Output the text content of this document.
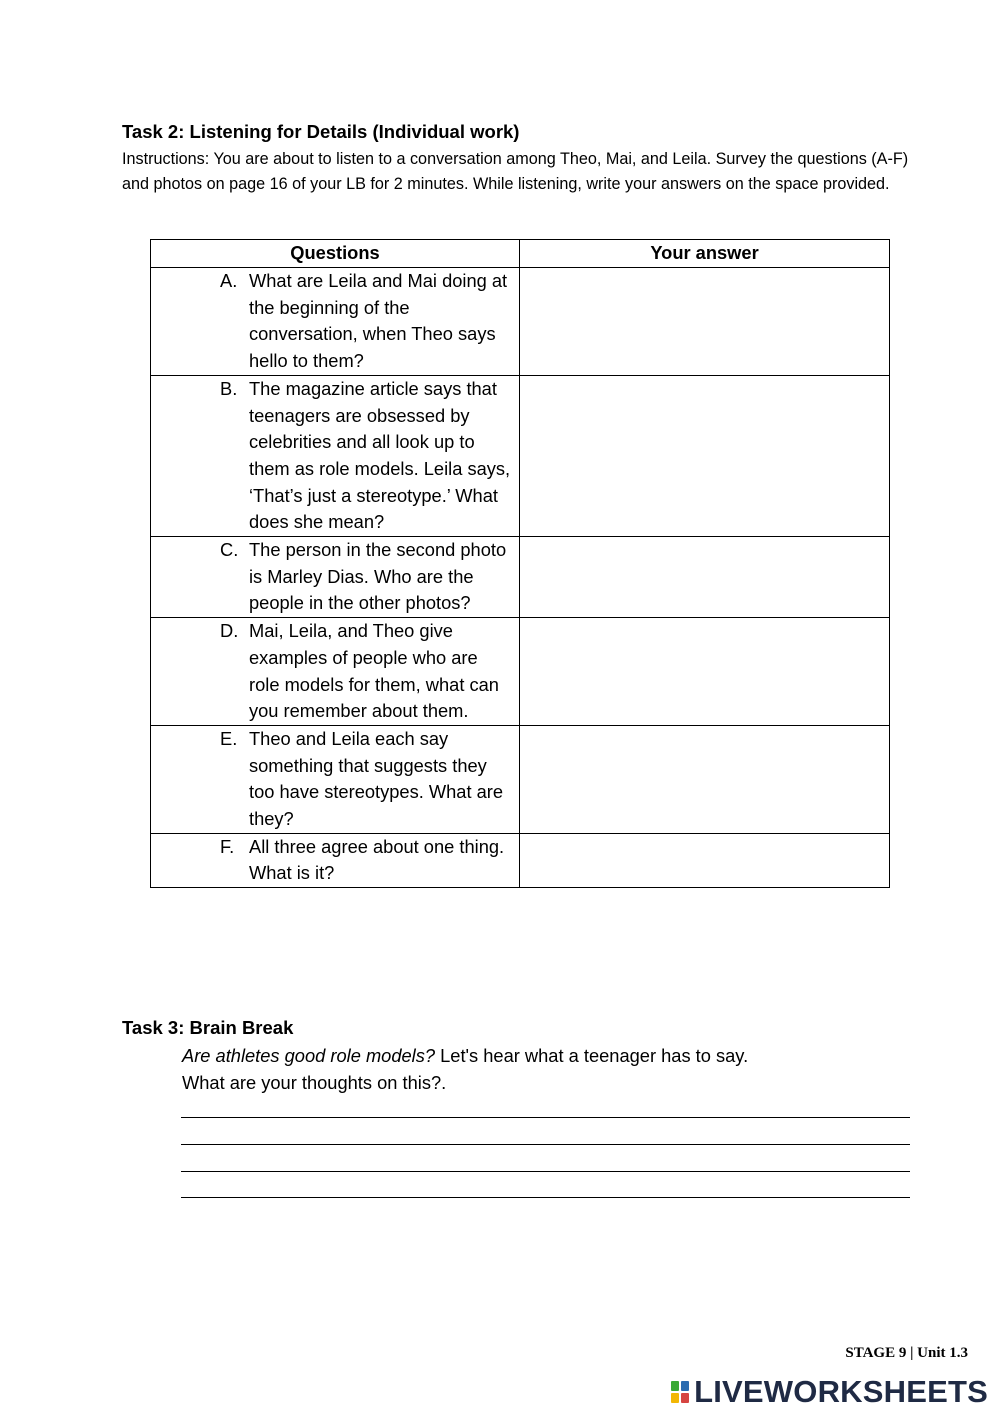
Task 2: Listening for Details (Individual work)

Instructions: You are about to listen to a conversation among Theo, Mai, and Leila. Survey the questions (A-F) and photos on page 16 of your LB for 2 minutes. While listening, write your answers on the space provided.

Questions	Your answer

A. What are Leila and Mai doing at the beginning of the conversation, when Theo says hello to them?	

B. The magazine article says that teenagers are obsessed by celebrities and all look up to them as role models. Leila says, ‘That’s just a stereotype.’ What does she mean?	

C. The person in the second photo is Marley Dias. Who are the people in the other photos?	

D. Mai, Leila, and Theo give examples of people who are role models for them, what can you remember about them.	

E. Theo and Leila each say something that suggests they too have stereotypes. What are they?	

F. All three agree about one thing. What is it?	

Task 3: Brain Break
Are athletes good role models? Let's hear what a teenager has to say.
What are your thoughts on this?.
STAGE 9 | Unit 1.3
LIVEWORKSHEETS
